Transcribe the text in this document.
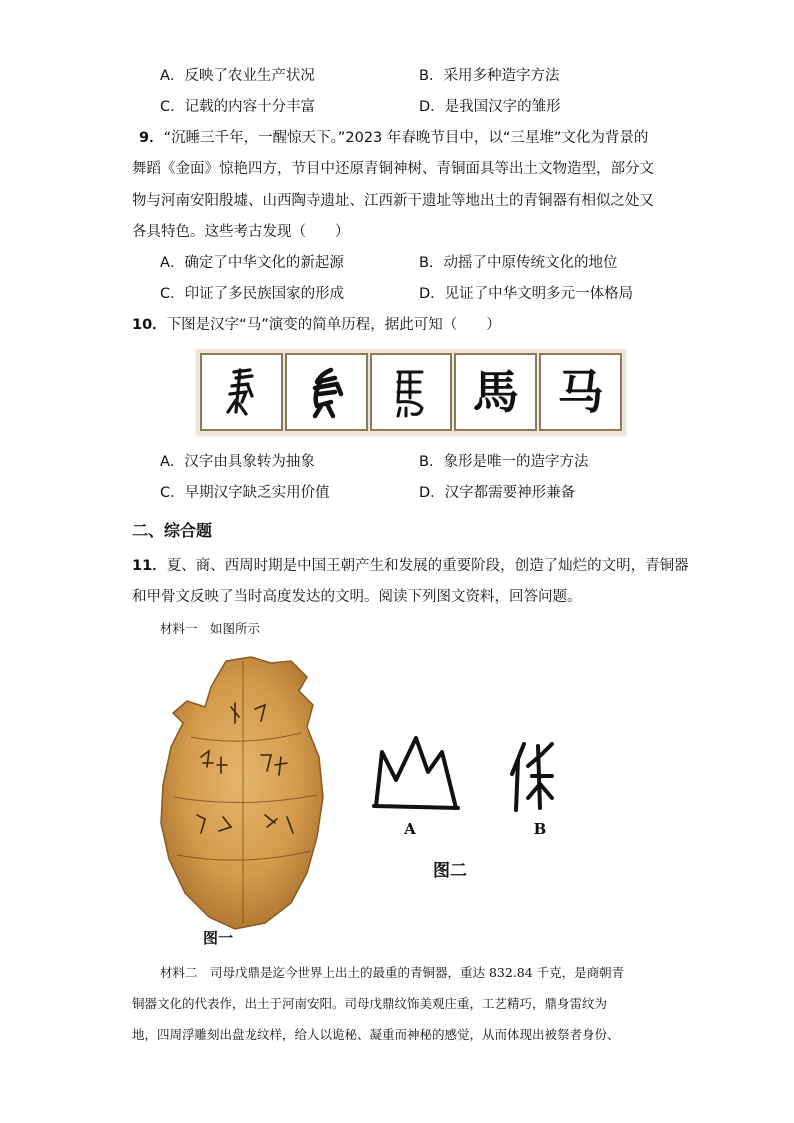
A．反映了农业生产状况	B．采用多种造字方法
C．记载的内容十分丰富	D．是我国汉字的雏形
9．“沉睡三千年，一醒惊天下。”2023 年春晚节目中，以“三星堆”文化为背景的
舞蹈《金面》惊艳四方，节目中还原青铜神树、青铜面具等出土文物造型，部分文
物与河南安阳殷墟、山西陶寺遗址、江西新干遗址等地出土的青铜器有相似之处又
各具特色。这些考古发现（　　）
A．确定了中华文化的新起源	B．动摇了中原传统文化的地位
C．印证了多民族国家的形成	D．见证了中华文明多元一体格局
10．下图是汉字“马”演变的简单历程，据此可知（　　）
馬 马
A．汉字由具象转为抽象	B．象形是唯一的造字方法
C．早期汉字缺乏实用价值	D．汉字都需要神形兼备
二、综合题
11．夏、商、西周时期是中国王朝产生和发展的重要阶段，创造了灿烂的文明，青铜器
和甲骨文反映了当时高度发达的文明。阅读下列图文资料，回答问题。
材料一　如图所示
图一
A	B
图二
材料二　司母戊鼎是迄今世界上出土的最重的青铜器，重达 832.84 千克，是商朝青
铜器文化的代表作，出土于河南安阳。司母戊鼎纹饰美观庄重，工艺精巧，鼎身雷纹为
地，四周浮雕刻出盘龙纹样，给人以诡秘、凝重而神秘的感觉，从而体现出被祭者身份、
